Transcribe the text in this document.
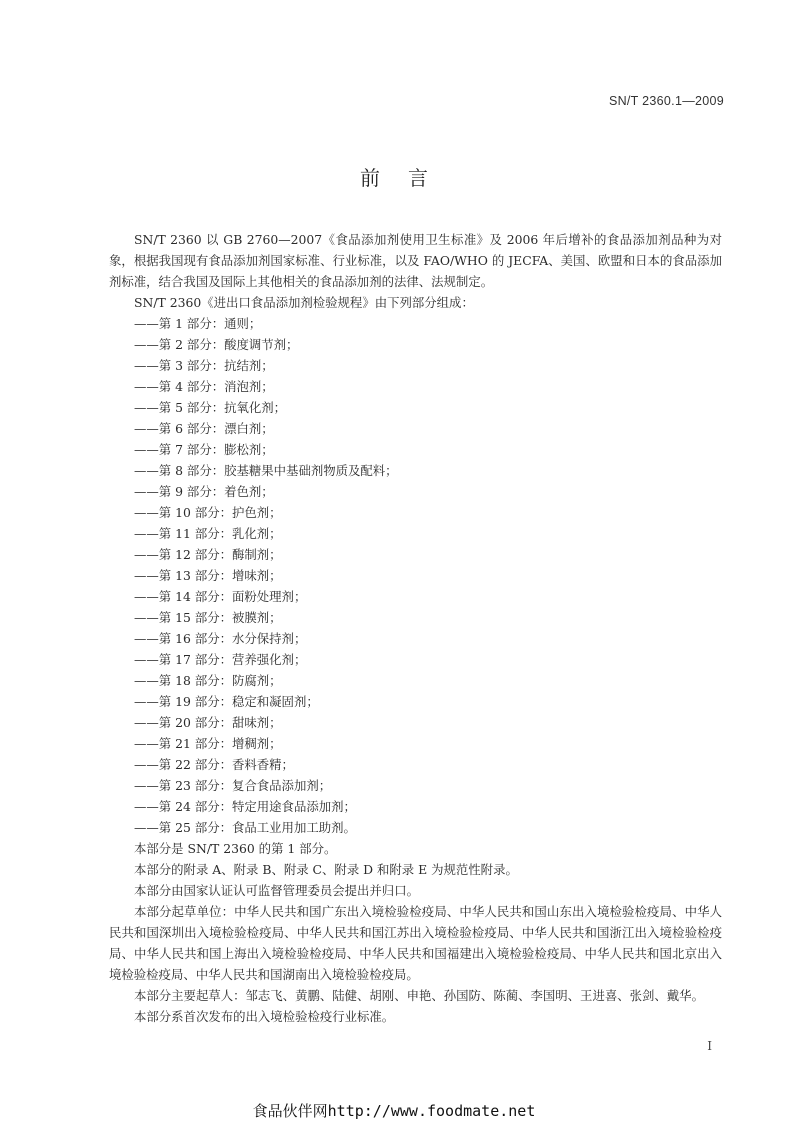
SN/T 2360.1—2009
前言

SN/T 2360 以 GB 2760—2007《食品添加剂使用卫生标准》及 2006 年后增补的食品添加剂品种为对象，根据我国现有食品添加剂国家标准、行业标准，以及 FAO/WHO 的 JECFA、美国、欧盟和日本的食品添加剂标准，结合我国及国际上其他相关的食品添加剂的法律、法规制定。

SN/T 2360《进出口食品添加剂检验规程》由下列部分组成：

——第 1 部分：通则；

——第 2 部分：酸度调节剂；

——第 3 部分：抗结剂；

——第 4 部分：消泡剂；

——第 5 部分：抗氧化剂；

——第 6 部分：漂白剂；

——第 7 部分：膨松剂；

——第 8 部分：胶基糖果中基础剂物质及配料；

——第 9 部分：着色剂；

——第 10 部分：护色剂；

——第 11 部分：乳化剂；

——第 12 部分：酶制剂；

——第 13 部分：增味剂；

——第 14 部分：面粉处理剂；

——第 15 部分：被膜剂；

——第 16 部分：水分保持剂；

——第 17 部分：营养强化剂；

——第 18 部分：防腐剂；

——第 19 部分：稳定和凝固剂；

——第 20 部分：甜味剂；

——第 21 部分：增稠剂；

——第 22 部分：香料香精；

——第 23 部分：复合食品添加剂；

——第 24 部分：特定用途食品添加剂；

——第 25 部分：食品工业用加工助剂。

本部分是 SN/T 2360 的第 1 部分。

本部分的附录 A、附录 B、附录 C、附录 D 和附录 E 为规范性附录。

本部分由国家认证认可监督管理委员会提出并归口。

本部分起草单位：中华人民共和国广东出入境检验检疫局、中华人民共和国山东出入境检验检疫局、中华人民共和国深圳出入境检验检疫局、中华人民共和国江苏出入境检验检疫局、中华人民共和国浙江出入境检验检疫局、中华人民共和国上海出入境检验检疫局、中华人民共和国福建出入境检验检疫局、中华人民共和国北京出入境检验检疫局、中华人民共和国湖南出入境检验检疫局。

本部分主要起草人：邹志飞、黄鹏、陆健、胡刚、申艳、孙国防、陈蔺、李国明、王进喜、张剑、戴华。

本部分系首次发布的出入境检验检疫行业标准。

I
食品伙伴网http://www.foodmate.net
